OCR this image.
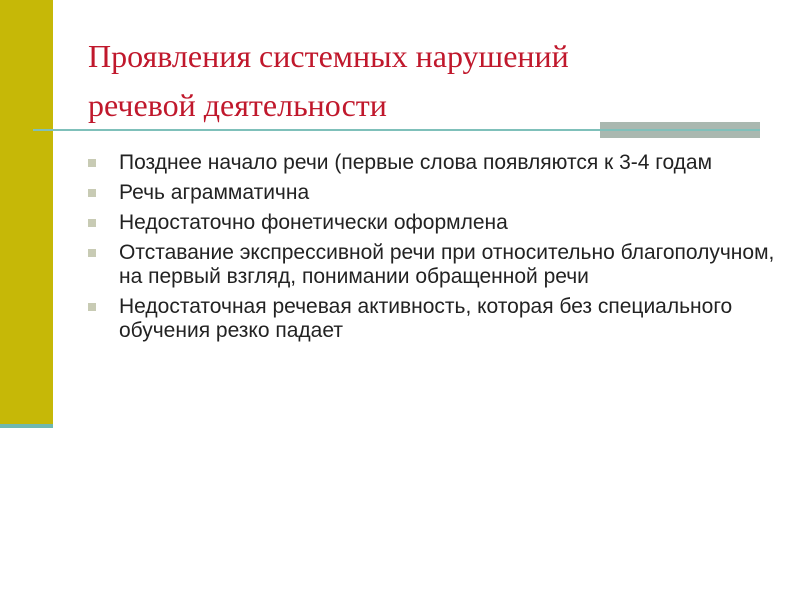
Проявления системных нарушений
речевой деятельности
Позднее начало речи (первые слова появляются к 3-4 годам
Речь аграмматична
Недостаточно фонетически оформлена
Отставание экспрессивной речи при относительно благополучном, на первый взгляд, понимании обращенной речи
Недостаточная речевая активность, которая без специального обучения резко падает
